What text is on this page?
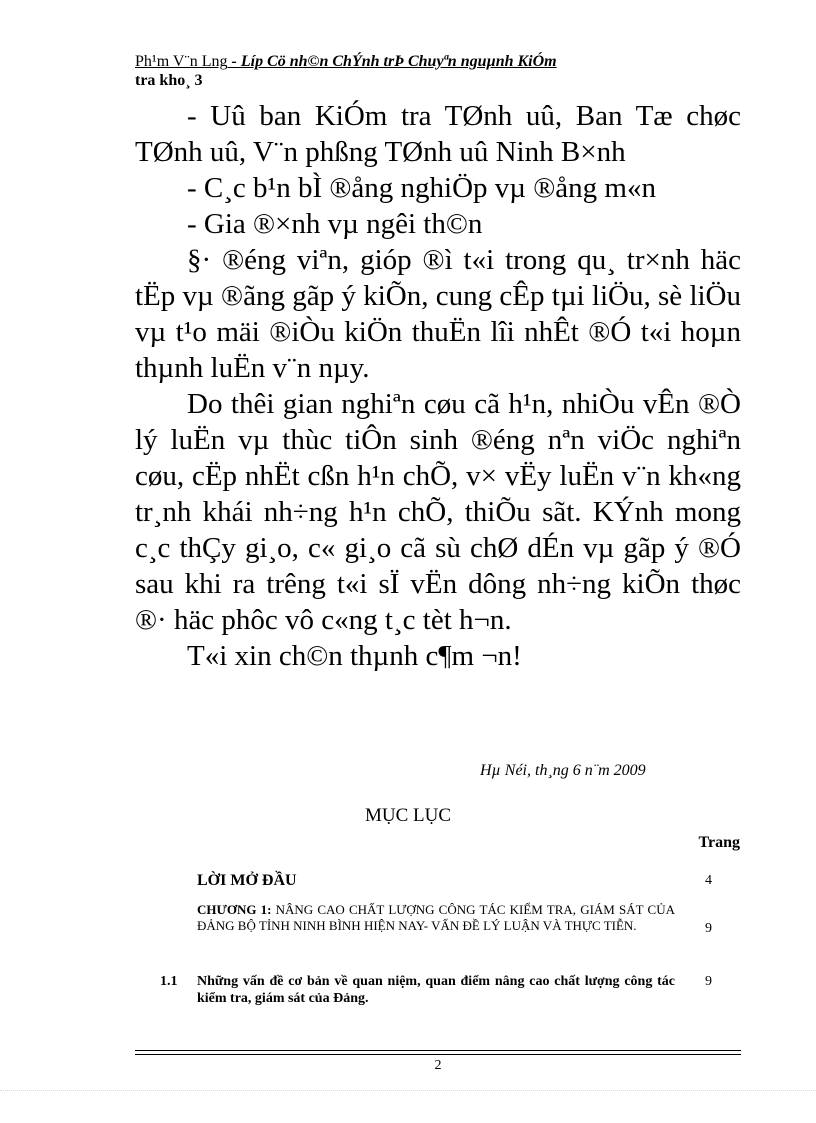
Ph¹m V¨n Lng - Líp Cö nh©n ChÝnh trÞ Chuyªn nguµnh KiÓm
tra kho¸ 3

- Uû ban KiÓm tra TØnh uû, Ban Tæ chøc TØnh uû, V¨n phßng TØnh uû Ninh B×nh

- C¸c b¹n bÌ ®ång nghiÖp vµ ®ång m«n

- Gia ®×nh vµ ngêi th©n

§· ®éng viªn, gióp ®ì t«i trong qu¸ tr×nh häc tËp vµ ®ãng gãp ý kiÕn, cung cÊp tµi liÖu, sè liÖu vµ t¹o mäi ®iÒu kiÖn thuËn lîi nhÊt ®Ó t«i hoµn thµnh luËn v¨n nµy.

Do thêi gian nghiªn cøu cã h¹n, nhiÒu vÊn ®Ò lý luËn vµ thùc tiÔn sinh ®éng nªn viÖc nghiªn cøu, cËp nhËt cßn h¹n chÕ, v× vËy luËn v¨n kh«ng tr¸nh khái nh÷ng h¹n chÕ, thiÕu sãt. KÝnh mong c¸c thÇy gi¸o, c« gi¸o cã sù chØ dÉn vµ gãp ý ®Ó sau khi ra trêng t«i sÏ vËn dông nh÷ng kiÕn thøc ®· häc phôc vô c«ng t¸c tèt h¬n.

T«i xin ch©n thµnh c¶m ¬n!

Hµ Néi, th¸ng 6 n¨m 2009
MỤC LỤC
Trang
LỜI MỞ ĐẦU	4
CHƯƠNG 1: NÂNG CAO CHẤT LƯỢNG CÔNG TÁC KIỂM TRA, GIÁM SÁT CỦA ĐẢNG BỘ TỈNH NINH BÌNH HIỆN NAY- VẤN ĐỀ LÝ LUẬN VÀ THỰC TIỄN.	9
1.1 Những vấn đề cơ bản về quan niệm, quan điểm nâng cao chất lượng công tác kiểm tra, giám sát của Đảng.
9
2
